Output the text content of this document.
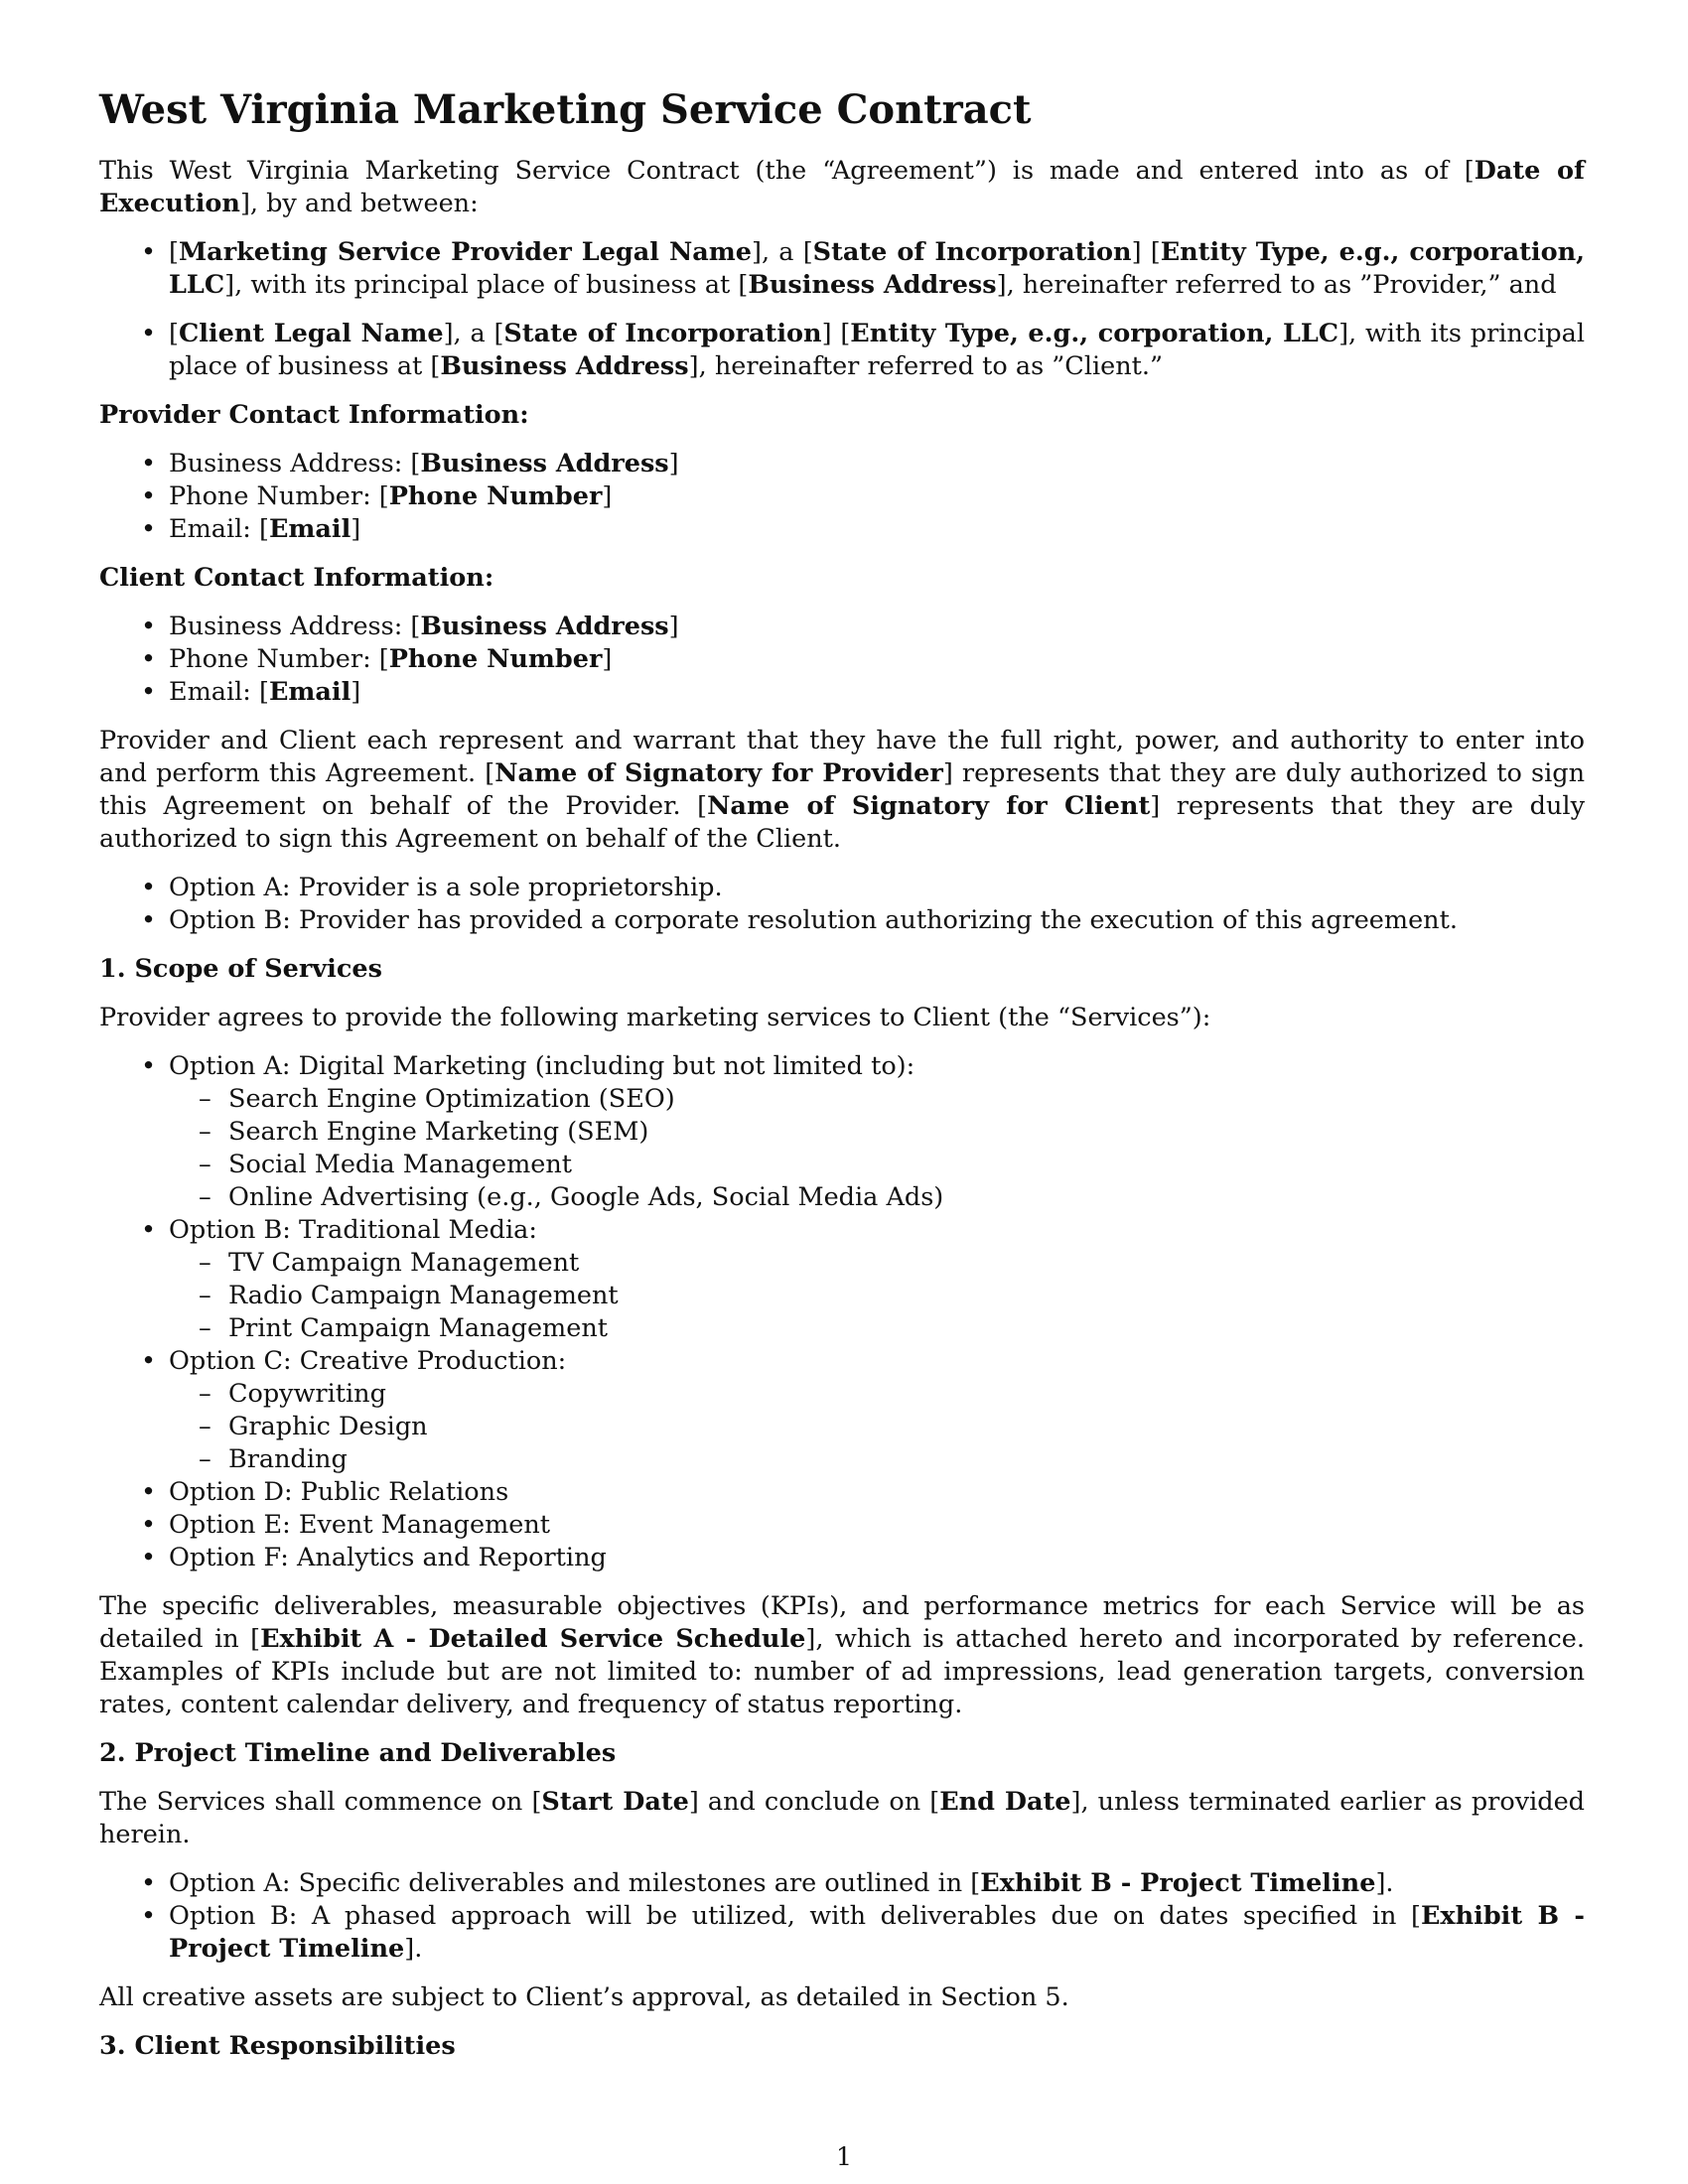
West Virginia Marketing Service Contract

This West Virginia Marketing Service Contract (the “Agreement”) is made and entered into as of [Date of Execution], by and between:

• [Marketing Service Provider Legal Name], a [State of Incorporation] [Entity Type, e.g., corporation, LLC], with its principal place of business at [Business Address], hereinafter referred to as ”Provider,” and
• [Client Legal Name], a [State of Incorporation] [Entity Type, e.g., corporation, LLC], with its principal place of business at [Business Address], hereinafter referred to as ”Client.”
Provider Contact Information:
• Business Address: [Business Address]
• Phone Number: [Phone Number]
• Email: [Email]
Client Contact Information:
• Business Address: [Business Address]
• Phone Number: [Phone Number]
• Email: [Email]

Provider and Client each represent and warrant that they have the full right, power, and authority to enter into and perform this Agreement. [Name of Signatory for Provider] represents that they are duly authorized to sign this Agreement on behalf of the Provider. [Name of Signatory for Client] represents that they are duly authorized to sign this Agreement on behalf of the Client.

• Option A: Provider is a sole proprietorship.
• Option B: Provider has provided a corporate resolution authorizing the execution of this agreement.
1. Scope of Services

Provider agrees to provide the following marketing services to Client (the “Services”):

• Option A: Digital Marketing (including but not limited to):
– Search Engine Optimization (SEO)
– Search Engine Marketing (SEM)
– Social Media Management
– Online Advertising (e.g., Google Ads, Social Media Ads)
• Option B: Traditional Media:
– TV Campaign Management
– Radio Campaign Management
– Print Campaign Management
• Option C: Creative Production:
– Copywriting
– Graphic Design
– Branding
• Option D: Public Relations
• Option E: Event Management
• Option F: Analytics and Reporting

The specific deliverables, measurable objectives (KPIs), and performance metrics for each Service will be as detailed in [Exhibit A - Detailed Service Schedule], which is attached hereto and incorporated by reference. Examples of KPIs include but are not limited to: number of ad impressions, lead generation targets, conversion rates, content calendar delivery, and frequency of status reporting.

2. Project Timeline and Deliverables

The Services shall commence on [Start Date] and conclude on [End Date], unless terminated earlier as provided herein.

• Option A: Specific deliverables and milestones are outlined in [Exhibit B - Project Timeline].
• Option B: A phased approach will be utilized, with deliverables due on dates specified in [Exhibit B - Project Timeline].

All creative assets are subject to Client’s approval, as detailed in Section 5.

3. Client Responsibilities
1
